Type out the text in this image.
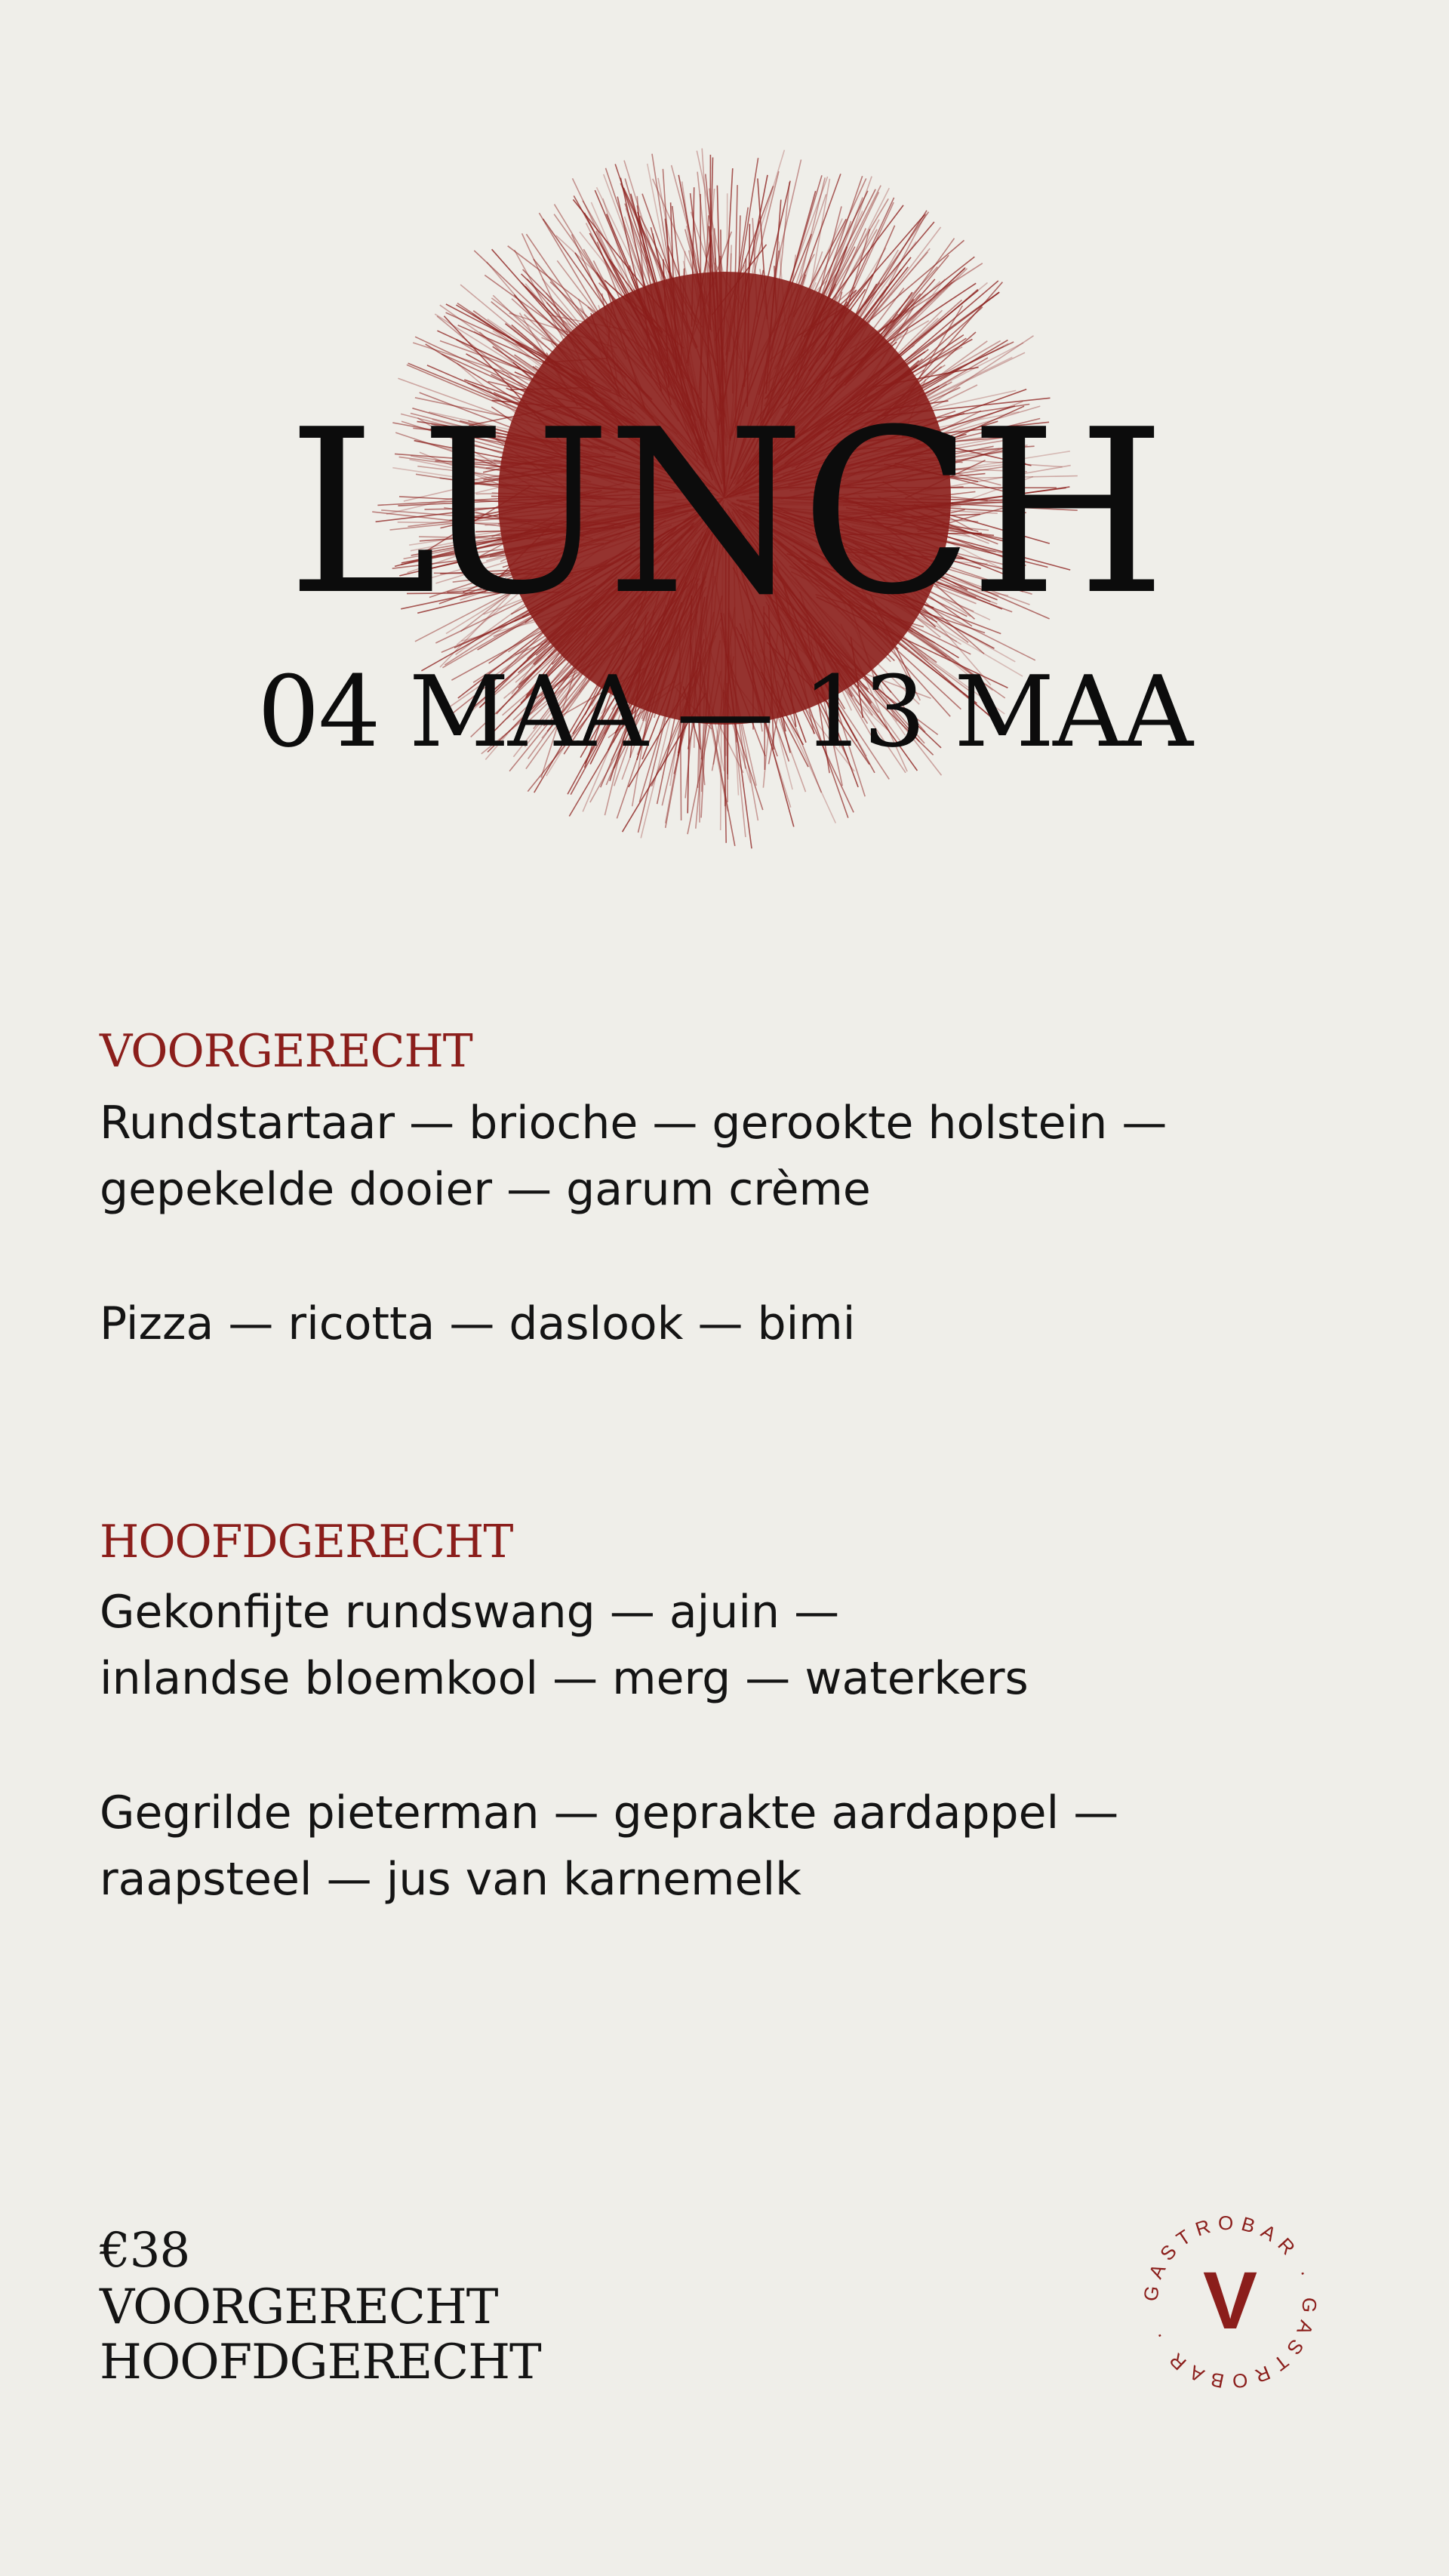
LUNCH
04 MAA — 13 MAA
VOORGERECHT
Rundstartaar — brioche — gerookte holstein —
gepekelde dooier — garum crème
Pizza — ricotta — daslook — bimi
HOOFDGERECHT
Gekonfijte rundswang — ajuin —
inlandse bloemkool — merg — waterkers
Gegrilde pieterman — geprakte aardappel —
raapsteel — jus van karnemelk
€38
VOORGERECHT
HOOFDGERECHT
GASTROBAR · GASTROBAR · V
